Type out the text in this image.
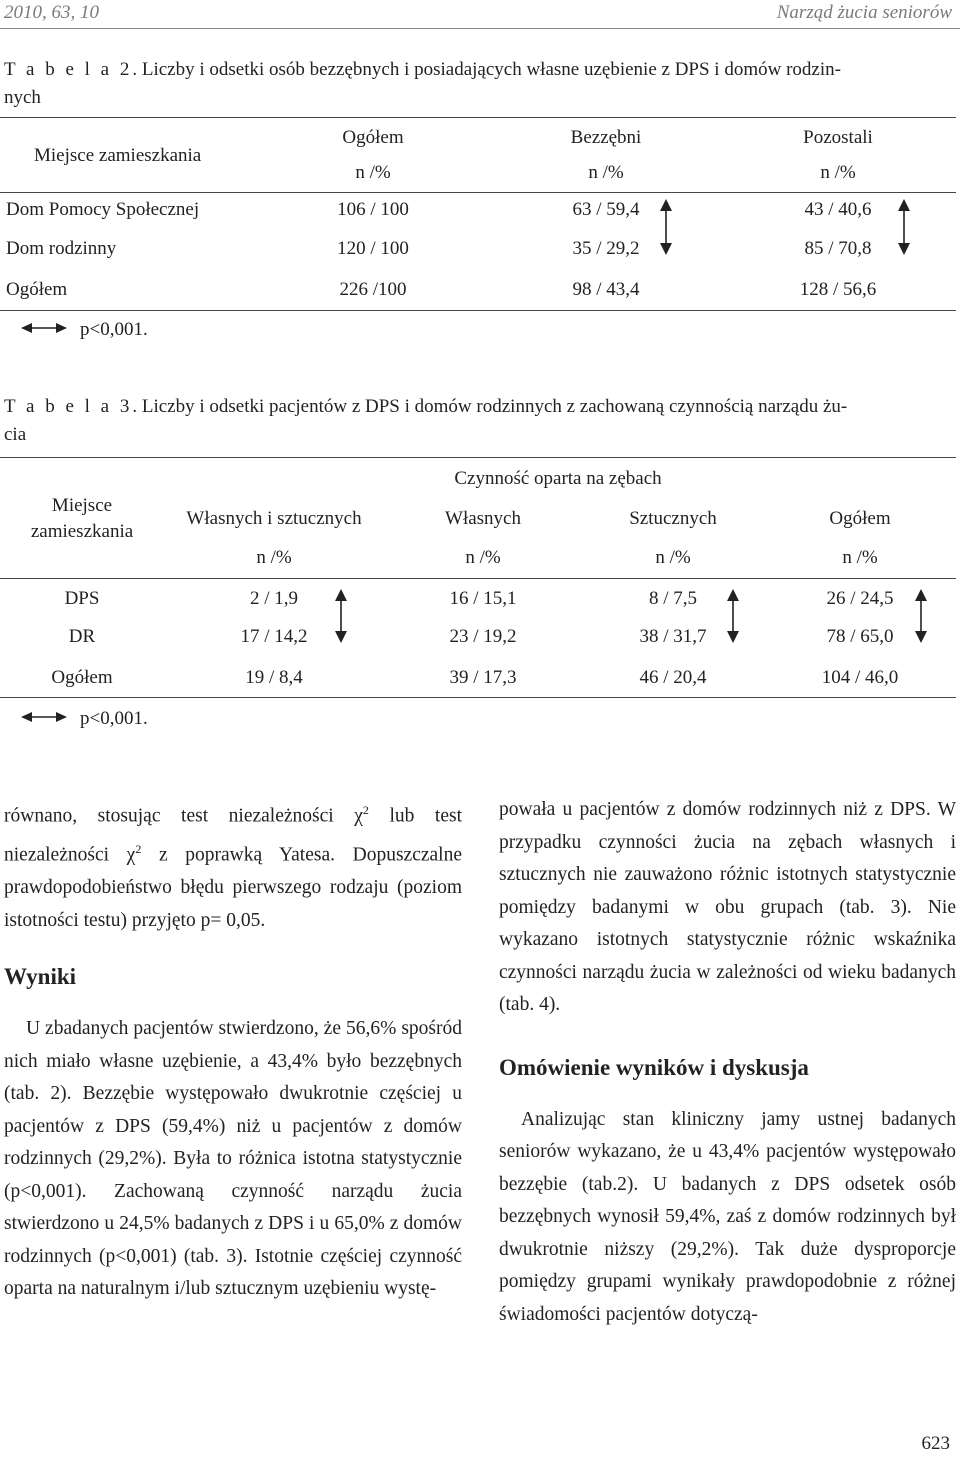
2010, 63, 10	Narząd żucia seniorów
T a b e l a 2. Liczby i odsetki osób bezzębnych i posiadających własne uzębienie z DPS i domów rodzin-
nych
Miejsce zamieszkania
Ogółem	Bezzębni	Pozostali
n /%	n /%	n /%
Dom Pomocy Społecznej	106 / 100	63 / 59,4	43 / 40,6
Dom rodzinny	120 / 100	35 / 29,2	85 / 70,8
Ogółem	226 /100	98 / 43,4	128 / 56,6
p<0,001.
T a b e l a 3. Liczby i odsetki pacjentów z DPS i domów rodzinnych z zachowaną czynnością narządu żu-
cia
Miejsce
zamieszkania
Czynność oparta na zębach
Własnych i sztucznych	Własnych	Sztucznych	Ogółem
n /%	n /%	n /%	n /%
DPS	2 / 1,9	16 / 15,1	8 / 7,5	26 / 24,5
DR	17 / 14,2	23 / 19,2	38 / 31,7	78 / 65,0
Ogółem	19 / 8,4	39 / 17,3	46 / 20,4	104 / 46,0
p<0,001.

równano, stosując test niezależności $\chi^2$ lub test niezależności $\chi^2$ z poprawką Yatesa. Dopuszczalne prawdopodobieństwo błędu pierwszego rodzaju (poziom istotności testu) przyjęto p= 0,05.

Wyniki

U zbadanych pacjentów stwierdzono, że 56,6% spośród nich miało własne uzębienie, a 43,4% było bezzębnych (tab. 2). Bezzębie występowało dwukrotnie częściej u pacjentów z DPS (59,4%) niż u pacjentów z domów rodzinnych (29,2%). Była to różnica istotna statystycznie (p<0,001). Zachowaną czynność narządu żucia stwierdzono u 24,5% badanych z DPS i u 65,0% z domów rodzinnych (p<0,001) (tab. 3). Istotnie częściej czynność oparta na naturalnym i/lub sztucznym uzębieniu wystę-

powała u pacjentów z domów rodzinnych niż z DPS. W przypadku czynności żucia na zębach własnych i sztucznych nie zauważono różnic istotnych statystycznie pomiędzy badanymi w obu grupach (tab. 3). Nie wykazano istotnych statystycznie różnic wskaźnika czynności narządu żucia w zależności od wieku badanych (tab. 4).

Omówienie wyników i dyskusja

Analizując stan kliniczny jamy ustnej badanych seniorów wykazano, że u 43,4% pacjentów występowało bezzębie (tab.2). U badanych z DPS odsetek osób bezzębnych wynosił 59,4%, zaś z domów rodzinnych był dwukrotnie niższy (29,2%). Tak duże dysproporcje pomiędzy grupami wynikały prawdopodobnie z różnej świadomości pacjentów dotyczą-

623
